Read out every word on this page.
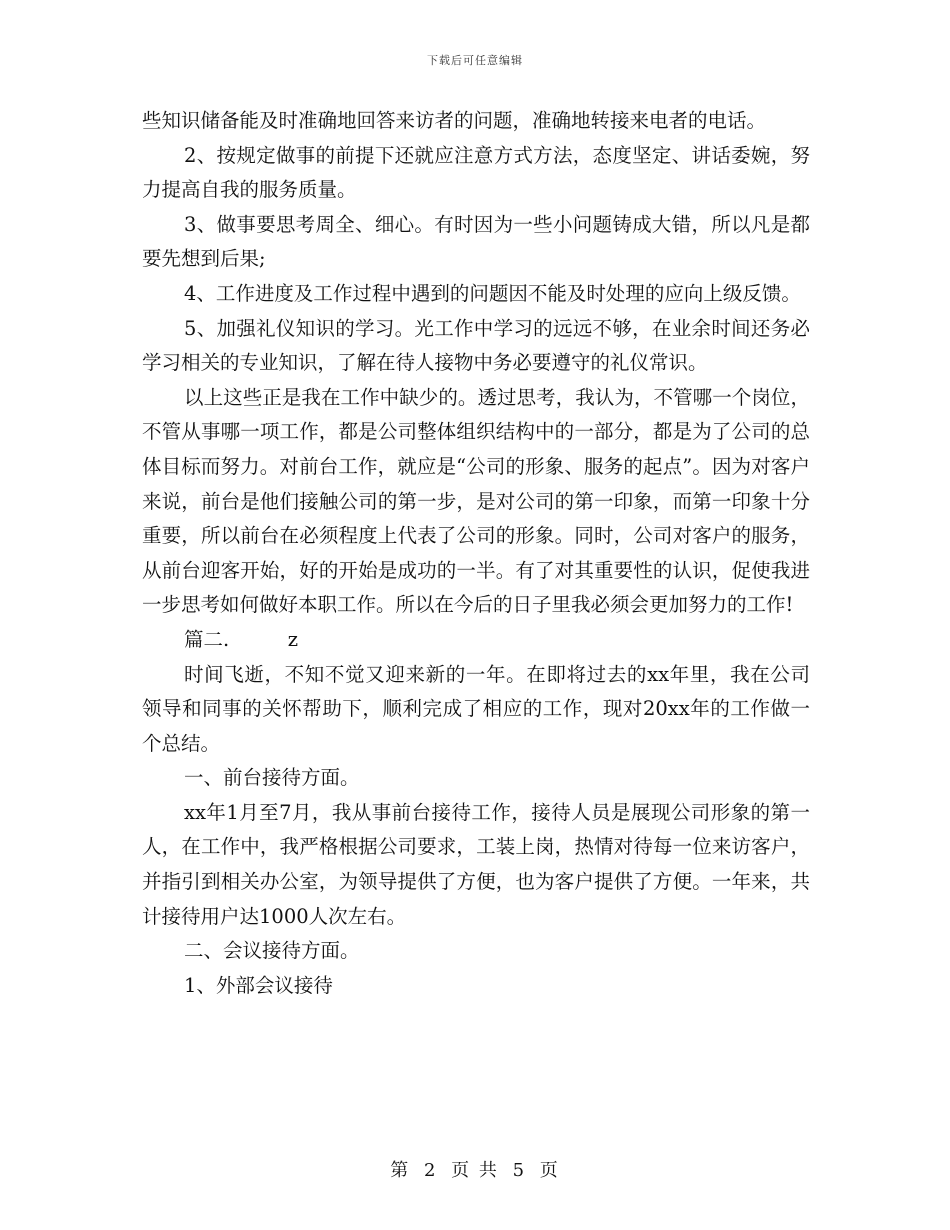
下载后可任意编辑

些知识储备能及时准确地回答来访者的问题，准确地转接来电者的电话。

2、按规定做事的前提下还就应注意方式方法，态度坚定、讲话委婉，努力提高自我的服务质量。

3、做事要思考周全、细心。有时因为一些小问题铸成大错，所以凡是都要先想到后果;

4、工作进度及工作过程中遇到的问题因不能及时处理的应向上级反馈。

5、加强礼仪知识的学习。光工作中学习的远远不够，在业余时间还务必学习相关的专业知识，了解在待人接物中务必要遵守的礼仪常识。

以上这些正是我在工作中缺少的。透过思考，我认为，不管哪一个岗位，不管从事哪一项工作，都是公司整体组织结构中的一部分，都是为了公司的总体目标而努力。对前台工作，就应是“公司的形象、服务的起点”。因为对客户来说，前台是他们接触公司的第一步，是对公司的第一印象，而第一印象十分重要，所以前台在必须程度上代表了公司的形象。同时，公司对客户的服务，从前台迎客开始，好的开始是成功的一半。有了对其重要性的认识，促使我进一步思考如何做好本职工作。所以在今后的日子里我必须会更加努力的工作!

篇二.　　　z

时间飞逝，不知不觉又迎来新的一年。在即将过去的xx年里，我在公司领导和同事的关怀帮助下，顺利完成了相应的工作，现对20xx年的工作做一个总结。

一、前台接待方面。

xx年1月至7月，我从事前台接待工作，接待人员是展现公司形象的第一人，在工作中，我严格根据公司要求，工装上岗，热情对待每一位来访客户，并指引到相关办公室，为领导提供了方便，也为客户提供了方便。一年来，共计接待用户达1000人次左右。

二、会议接待方面。

1、外部会议接待

第 2 页 共 5 页
